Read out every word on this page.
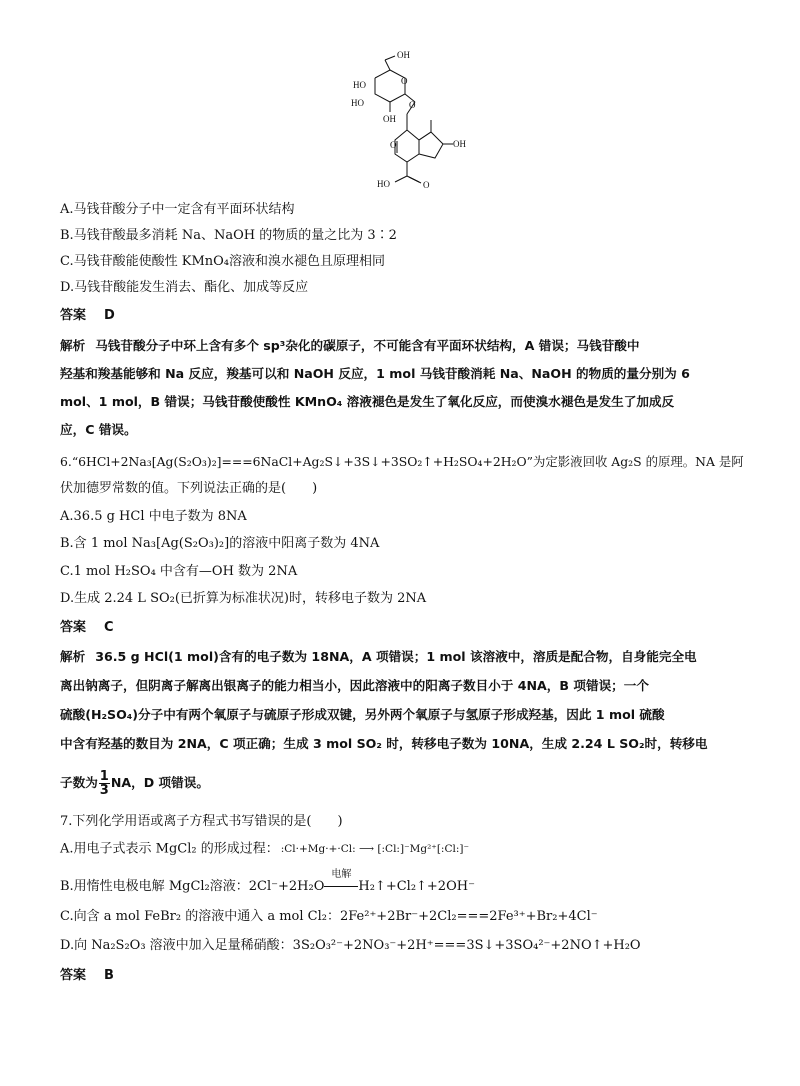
OH
HO
HO
OH
O
O
O	OH
HO	O
A.马钱苷酸分子中一定含有平面环状结构
B.马钱苷酸最多消耗 Na、NaOH 的物质的量之比为 3∶2
C.马钱苷酸能使酸性 KMnO₄溶液和溴水褪色且原理相同
D.马钱苷酸能发生消去、酯化、加成等反应
答案 D
解析 马钱苷酸分子中环上含有多个 sp³杂化的碳原子，不可能含有平面环状结构，A 错误；马钱苷酸中
羟基和羧基能够和 Na 反应，羧基可以和 NaOH 反应，1 mol 马钱苷酸消耗 Na、NaOH 的物质的量分别为 6
mol、1 mol，B 错误；马钱苷酸使酸性 KMnO₄ 溶液褪色是发生了氧化反应，而使溴水褪色是发生了加成反
应，C 错误。
6.“6HCl+2Na₃[Ag(S₂O₃)₂]===6NaCl+Ag₂S↓+3S↓+3SO₂↑+H₂SO₄+2H₂O”为定影液回收 Ag₂S 的原理。NA 是阿
伏加德罗常数的值。下列说法正确的是(　　)
A.36.5 g HCl 中电子数为 8NA
B.含 1 mol Na₃[Ag(S₂O₃)₂]的溶液中阳离子数为 4NA
C.1 mol H₂SO₄ 中含有—OH 数为 2NA
D.生成 2.24 L SO₂(已折算为标准状况)时，转移电子数为 2NA
答案 C
解析 36.5 g HCl(1 mol)含有的电子数为 18NA，A 项错误；1 mol 该溶液中，溶质是配合物，自身能完全电
离出钠离子，但阴离子解离出银离子的能力相当小，因此溶液中的阳离子数目小于 4NA，B 项错误；一个
硫酸(H₂SO₄)分子中有两个氧原子与硫原子形成双键，另外两个氧原子与氢原子形成羟基，因此 1 mol 硫酸
中含有羟基的数目为 2NA，C 项正确；生成 3 mol SO₂ 时，转移电子数为 10NA，生成 2.24 L SO₂时，转移电
子数为 $\frac{1}{3}$ NA，D 项错误。
7.下列化学用语或离子方程式书写错误的是(　　)
A.用电子式表示 MgCl₂ 的形成过程： :Cl·+Mg·+·Cl: ⟶ [:Cl:]⁻Mg²⁺[:Cl:]⁻
B.用惰性电极电解 MgCl₂溶液：2Cl⁻+2H₂O
电解
H₂↑+Cl₂↑+2OH⁻
C.向含 a mol FeBr₂ 的溶液中通入 a mol Cl₂：2Fe²⁺+2Br⁻+2Cl₂===2Fe³⁺+Br₂+4Cl⁻
D.向 Na₂S₂O₃ 溶液中加入足量稀硝酸：3S₂O₃²⁻+2NO₃⁻+2H⁺===3S↓+3SO₄²⁻+2NO↑+H₂O
答案 B
